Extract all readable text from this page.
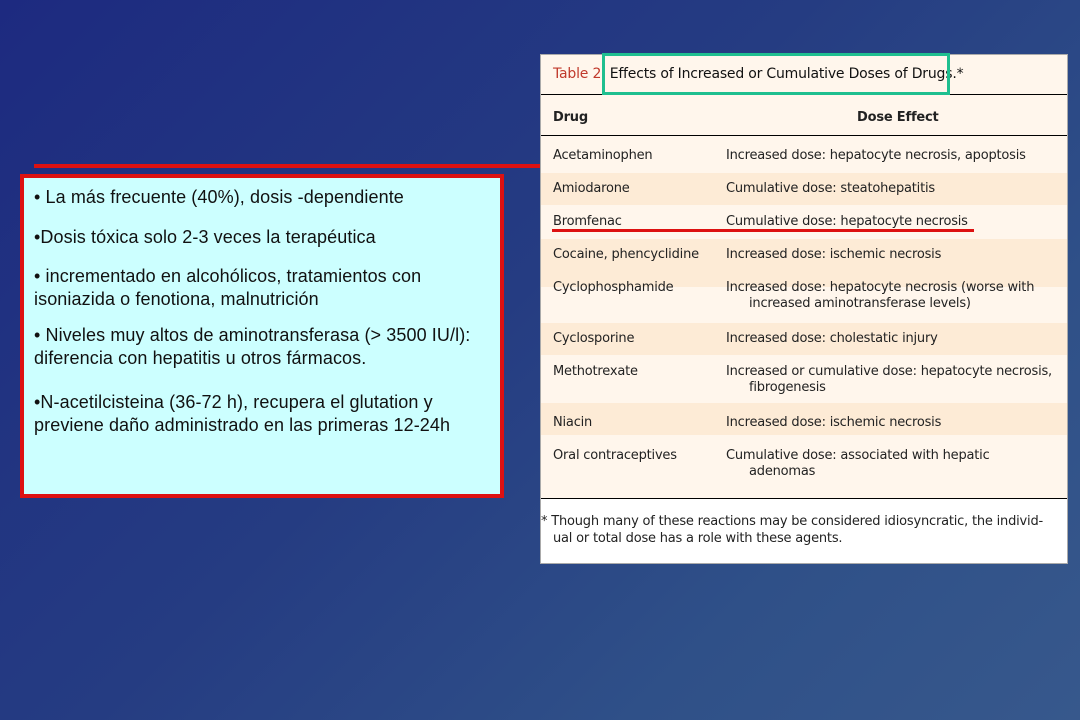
• La más frecuente (40%), dosis -dependiente
•Dosis tóxica solo 2-3 veces la terapéutica
• incrementado en alcohólicos, tratamientos con isoniazida o fenotiona, malnutrición
• Niveles muy altos de aminotransferasa (> 3500 IU/l): diferencia con hepatitis u otros fármacos.
•N-acetilcisteina (36-72 h), recupera el glutation y previene daño administrado en las primeras 12-24h
Table 2. Effects of Increased or Cumulative Doses of Drugs.*
Drug	Dose Effect
Acetaminophen	Increased dose: hepatocyte necrosis, apoptosis
Amiodarone	Cumulative dose: steatohepatitis
Bromfenac	Cumulative dose: hepatocyte necrosis
Cocaine, phencyclidine	Increased dose: ischemic necrosis
Cyclophosphamide	Increased dose: hepatocyte necrosis (worse with
increased aminotransferase levels)
Cyclosporine	Increased dose: cholestatic injury
Methotrexate	Increased or cumulative dose: hepatocyte necrosis,
fibrogenesis
Niacin	Increased dose: ischemic necrosis
Oral contraceptives	Cumulative dose: associated with hepatic
adenomas
* Though many of these reactions may be considered idiosyncratic, the individ-
ual or total dose has a role with these agents.
